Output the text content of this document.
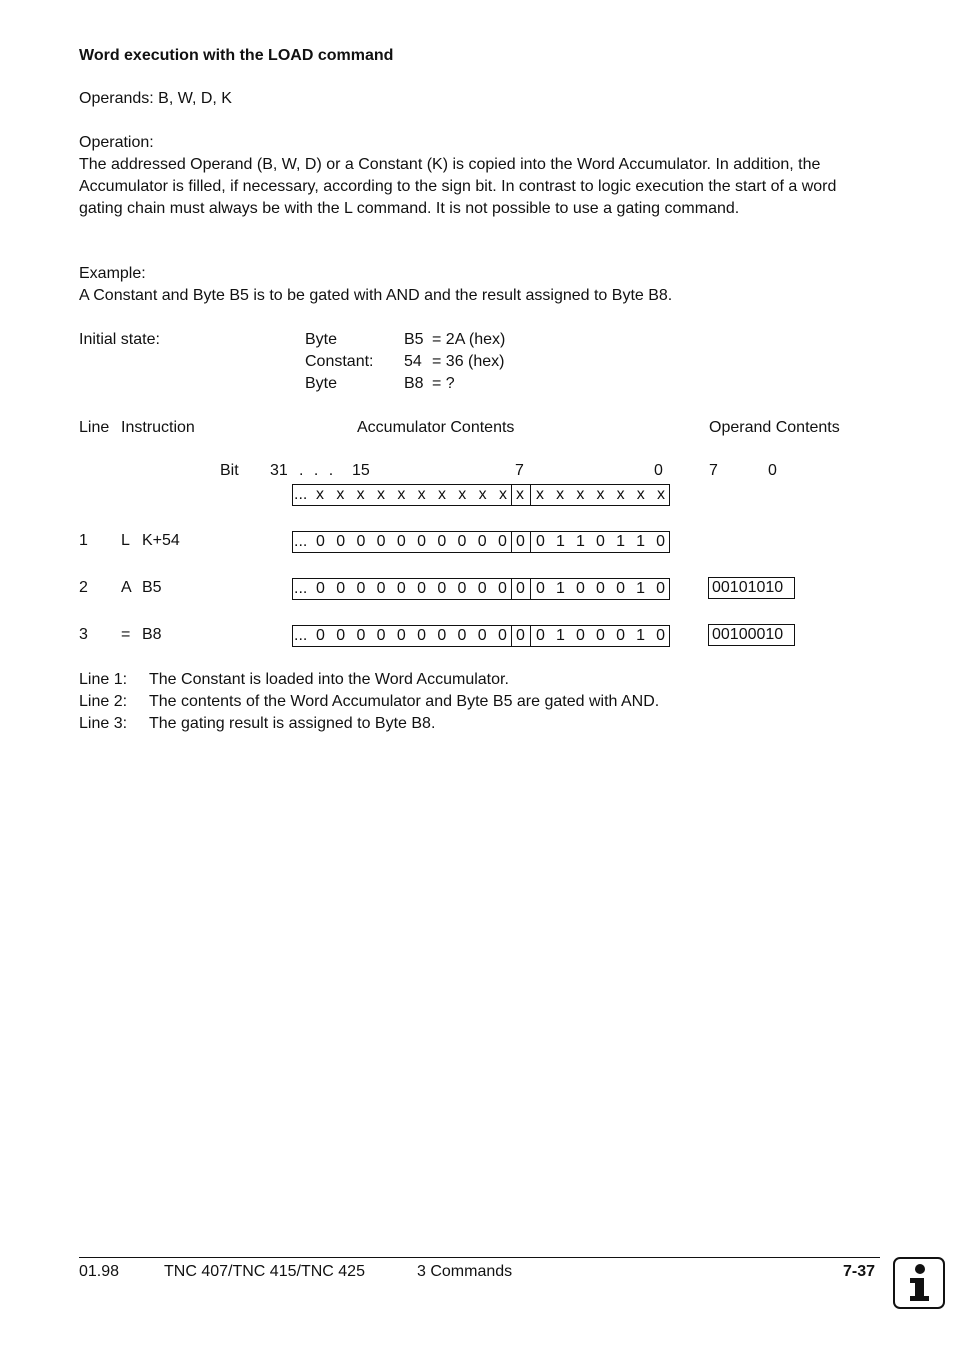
Word execution with the LOAD command
Operands: B, W, D, K
Operation:
The addressed Operand (B, W, D) or a Constant (K) is copied into the Word Accumulator. In addition, the Accumulator is filled, if necessary, according to the sign bit. In contrast to logic execution the start of a word gating chain must always be with the L command. It is not possible to use a gating command.
Example:
A Constant and Byte B5 is to be gated with AND and the result assigned to Byte B8.
Initial state:	Byte	B5 = 2A (hex)
Constant: 54 = 36 (hex)
Byte	B8 = ?
Line Instruction	Accumulator Contents	Operand Contents
Bit 31 . . . 15	7	0	7	0
... x x x x x x x x x x x x x x x x x x
1 L K+54	... 0 0 0 0 0 0 0 0 0 0 0 0 1 1 0 1 1 0
2 A B5	... 0 0 0 0 0 0 0 0 0 0 0 0 1 0 0 0 1 0	00101010
3 = B8	... 0 0 0 0 0 0 0 0 0 0 0 0 1 0 0 0 1 0	00100010
Line 1: The Constant is loaded into the Word Accumulator.
Line 2: The contents of the Word Accumulator and Byte B5 are gated with AND.
Line 3: The gating result is assigned to Byte B8.
01.98	TNC 407/TNC 415/TNC 425	3 Commands	7-37
